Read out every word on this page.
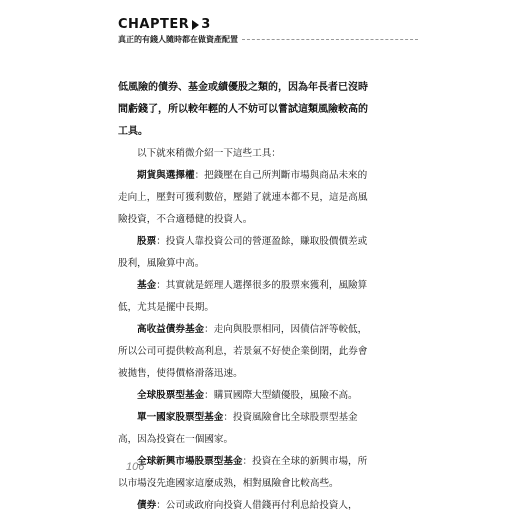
CHAPTER 3
真正的有錢人隨時都在做資產配置

低風險的債券、基金或績優股之類的，因為年長者已沒時間虧錢了，所以較年輕的人不妨可以嘗試這類風險較高的工具。

以下就來稍微介紹一下這些工具：

期貨與選擇權：把錢壓在自己所判斷市場與商品未來的走向上，壓對可獲利數倍，壓錯了就連本都不見，這是高風險投資，不合適穩健的投資人。

股票：投資人靠投資公司的營運盈餘，賺取股價價差或股利，風險算中高。

基金：其實就是經理人選擇很多的股票來獲利，風險算低，尤其是擺中長期。

高收益債券基金：走向與股票相同，因債信評等較低，所以公司可提供較高利息，若景氣不好使企業倒閉，此券會被拋售，使得價格滑落迅速。

全球股票型基金：購買國際大型績優股，風險不高。

單一國家股票型基金：投資風險會比全球股票型基金高，因為投資在一個國家。

全球新興市場股票型基金：投資在全球的新興市場，所以市場沒先進國家這麼成熟，相對風險會比較高些。

債券：公司或政府向投資人借錢再付利息給投資人，

106
